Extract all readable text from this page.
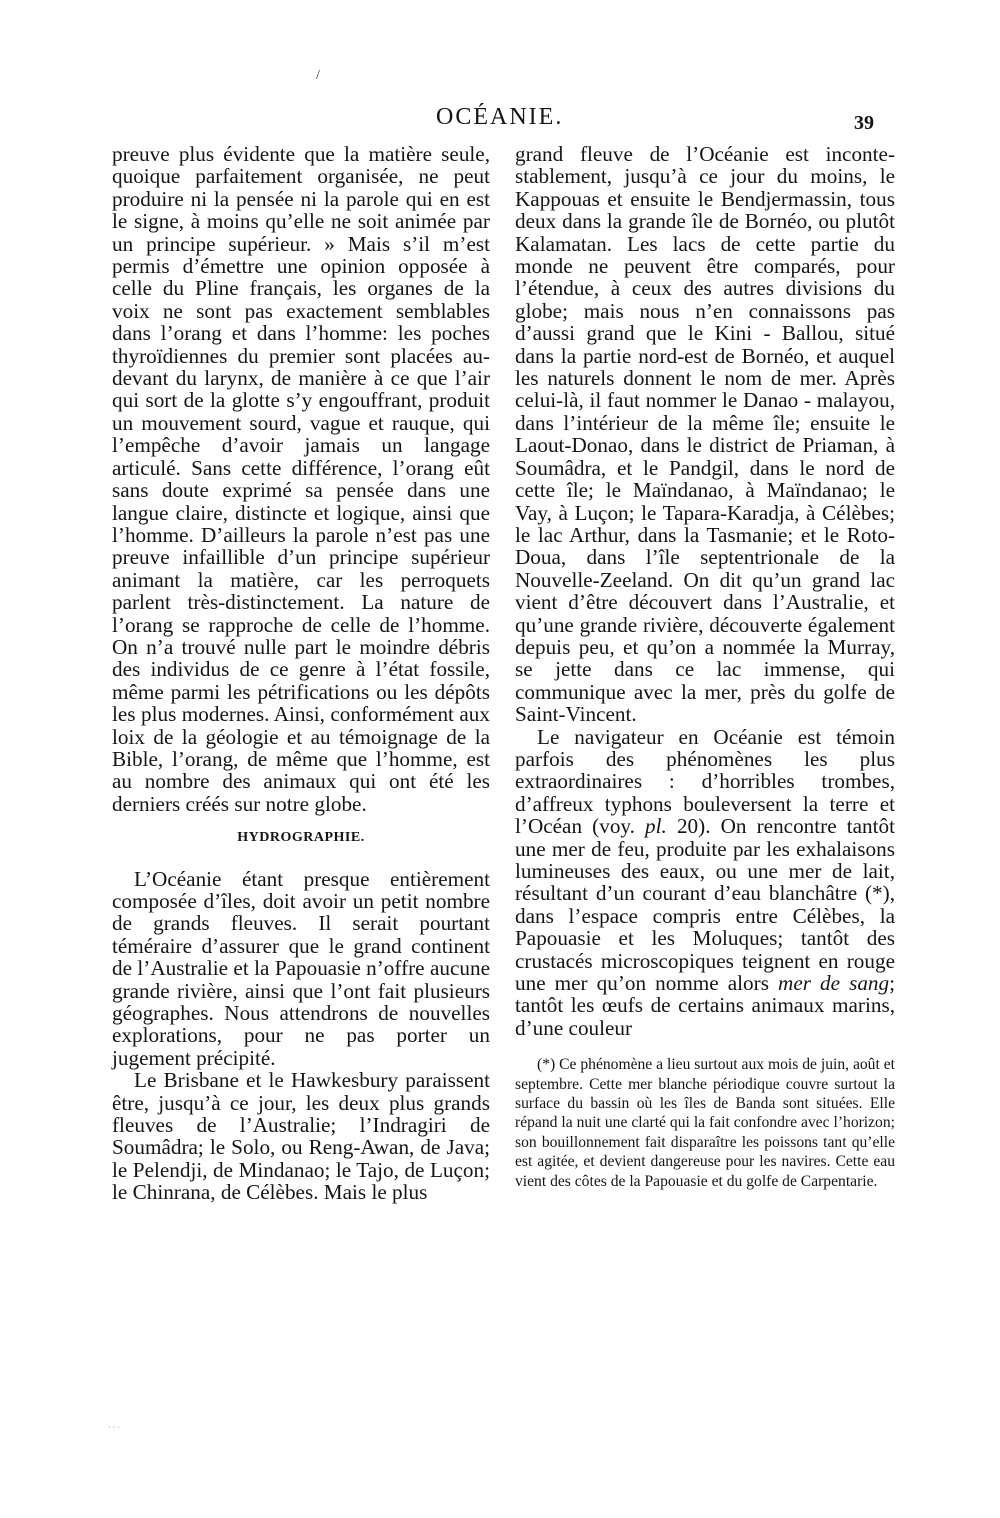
/
OCÉANIE.	39

preuve plus évidente que la matière seule, quoique parfaitement organisée, ne peut produire ni la pensée ni la parole qui en est le signe, à moins qu’elle ne soit animée par un principe supérieur. » Mais s’il m’est permis d’émettre une opinion opposée à celle du Pline français, les organes de la voix ne sont pas exactement semblables dans l’orang et dans l’homme: les poches thyroïdiennes du premier sont placées au-devant du larynx, de manière à ce que l’air qui sort de la glotte s’y engouffrant, produit un mouvement sourd, vague et rauque, qui l’empêche d’avoir jamais un langage articulé. Sans cette différence, l’orang eût sans doute exprimé sa pensée dans une langue claire, distincte et logique, ainsi que l’homme. D’ailleurs la parole n’est pas une preuve infaillible d’un principe supérieur animant la matière, car les perroquets parlent très-distinctement. La nature de l’orang se rapproche de celle de l’homme. On n’a trouvé nulle part le moindre débris des individus de ce genre à l’état fossile, même parmi les pétrifications ou les dépôts les plus modernes. Ainsi, conformément aux loix de la géologie et au témoignage de la Bible, l’orang, de même que l’homme, est au nombre des animaux qui ont été les derniers créés sur notre globe.

HYDROGRAPHIE.

L’Océanie étant presque entièrement composée d’îles, doit avoir un petit nombre de grands fleuves. Il serait pourtant téméraire d’assurer que le grand continent de l’Australie et la Papouasie n’offre aucune grande rivière, ainsi que l’ont fait plusieurs géographes. Nous attendrons de nouvelles explorations, pour ne pas porter un jugement précipité.

Le Brisbane et le Hawkesbury paraissent être, jusqu’à ce jour, les deux plus grands fleuves de l’Australie; l’Indragiri de Soumâdra; le Solo, ou Reng-Awan, de Java; le Pelendji, de Mindanao; le Tajo, de Luçon; le Chinrana, de Célèbes. Mais le plus

grand fleuve de l’Océanie est incontestablement, jusqu’à ce jour du moins, le Kappouas et ensuite le Bendjermassin, tous deux dans la grande île de Bornéo, ou plutôt Kalamatan. Les lacs de cette partie du monde ne peuvent être comparés, pour l’étendue, à ceux des autres divisions du globe; mais nous n’en connaissons pas d’aussi grand que le Kini - Ballou, situé dans la partie nord-est de Bornéo, et auquel les naturels donnent le nom de mer. Après celui-là, il faut nommer le Danao - malayou, dans l’intérieur de la même île; ensuite le Laout-Donao, dans le district de Priaman, à Soumâdra, et le Pandgil, dans le nord de cette île; le Maïndanao, à Maïndanao; le Vay, à Luçon; le Tapara-Karadja, à Célèbes; le lac Arthur, dans la Tasmanie; et le Roto-Doua, dans l’île septentrionale de la Nouvelle-Zeeland. On dit qu’un grand lac vient d’être découvert dans l’Australie, et qu’une grande rivière, découverte également depuis peu, et qu’on a nommée la Murray, se jette dans ce lac immense, qui communique avec la mer, près du golfe de Saint-Vincent.

Le navigateur en Océanie est témoin parfois des phénomènes les plus extraordinaires : d’horribles trombes, d’affreux typhons bouleversent la terre et l’Océan (voy. pl. 20). On rencontre tantôt une mer de feu, produite par les exhalaisons lumineuses des eaux, ou une mer de lait, résultant d’un courant d’eau blanchâtre (*), dans l’espace compris entre Célèbes, la Papouasie et les Moluques; tantôt des crustacés microscopiques teignent en rouge une mer qu’on nomme alors mer de sang; tantôt les œufs de certains animaux marins, d’une couleur

(*) Ce phénomène a lieu surtout aux mois de juin, août et septembre. Cette mer blanche périodique couvre surtout la surface du bassin où les îles de Banda sont situées. Elle répand la nuit une clarté qui la fait confondre avec l’horizon; son bouillonnement fait disparaître les poissons tant qu’elle est agitée, et devient dangereuse pour les navires. Cette eau vient des côtes de la Papouasie et du golfe de Carpentarie.

· · ·
